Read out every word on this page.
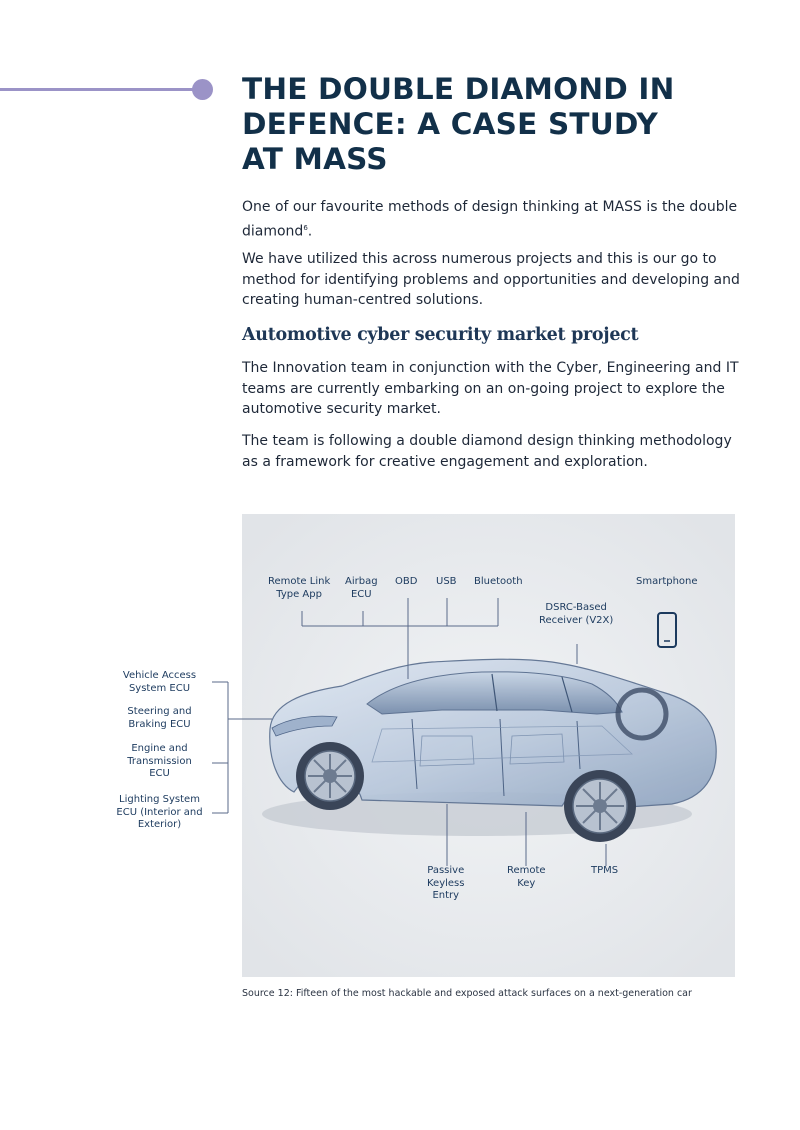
THE DOUBLE DIAMOND IN
DEFENCE: A CASE STUDY
AT MASS

One of our favourite methods of design thinking at MASS is the double diamond$^6$.

We have utilized this across numerous projects and this is our go to method for identifying problems and opportunities and developing and creating human-centred solutions.

Automotive cyber security market project

The Innovation team in conjunction with the Cyber, Engineering and IT teams are currently embarking on an on-going project to explore the automotive security market.

The team is following a double diamond design thinking methodology as a framework for creative engagement and exploration.

Remote Link
Type App
Airbag
ECU
OBD USB Bluetooth	Smartphone
DSRC-Based
Receiver (V2X)
Passive
Keyless
Entry
Remote
Key
TPMS
Vehicle Access
System ECU
Steering and
Braking ECU
Engine and
Transmission
ECU
Lighting System
ECU (Interior and
Exterior)

Source 12: Fifteen of the most hackable and exposed attack surfaces on a next-generation car
